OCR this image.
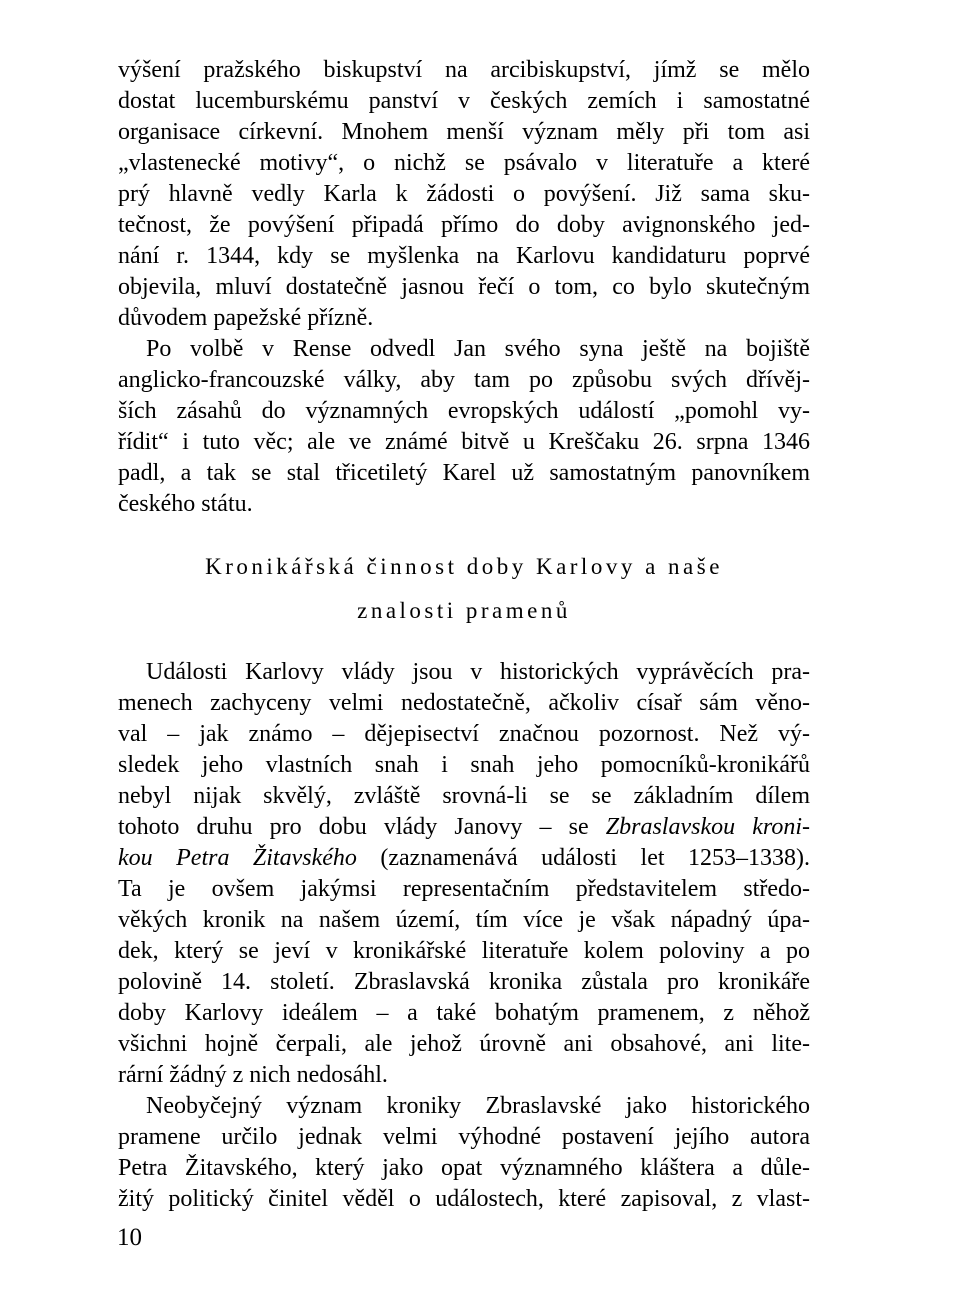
výšení pražského biskupství na arcibiskupství, jímž se mělo
dostat lucemburskému panství v českých zemích i samostatné
organisace církevní. Mnohem menší význam měly při tom asi
„vlastenecké motivy“, o nichž se psávalo v literatuře a které
prý hlavně vedly Karla k žádosti o povýšení. Již sama sku-
tečnost, že povýšení připadá přímo do doby avignonského jed-
nání r. 1344, kdy se myšlenka na Karlovu kandidaturu poprvé
objevila, mluví dostatečně jasnou řečí o tom, co bylo skutečným
důvodem papežské přízně.
Po volbě v Rense odvedl Jan svého syna ještě na bojiště
anglicko-francouzské války, aby tam po způsobu svých dřívěj-
ších zásahů do významných evropských událostí „pomohl vy-
řídit“ i tuto věc; ale ve známé bitvě u Kreščaku 26. srpna 1346
padl, a tak se stal třicetiletý Karel už samostatným panovníkem
českého státu.
Kronikářská činnost doby Karlovy a naše
znalosti pramenů
Události Karlovy vlády jsou v historických vyprávěcích pra-
menech zachyceny velmi nedostatečně, ačkoliv císař sám věno-
val – jak známo – dějepisectví značnou pozornost. Než vý-
sledek jeho vlastních snah i snah jeho pomocníků-kronikářů
nebyl nijak skvělý, zvláště srovná-li se se základním dílem
tohoto druhu pro dobu vlády Janovy – se Zbraslavskou kroni-
kou Petra Žitavského (zaznamenává události let 1253–1338).
Ta je ovšem jakýmsi representačním představitelem středo-
věkých kronik na našem území, tím více je však nápadný úpa-
dek, který se jeví v kronikářské literatuře kolem poloviny a po
polovině 14. století. Zbraslavská kronika zůstala pro kronikáře
doby Karlovy ideálem – a také bohatým pramenem, z něhož
všichni hojně čerpali, ale jehož úrovně ani obsahové, ani lite-
rární žádný z nich nedosáhl.
Neobyčejný význam kroniky Zbraslavské jako historického
pramene určilo jednak velmi výhodné postavení jejího autora
Petra Žitavského, který jako opat významného kláštera a důle-
žitý politický činitel věděl o událostech, které zapisoval, z vlast-
10
